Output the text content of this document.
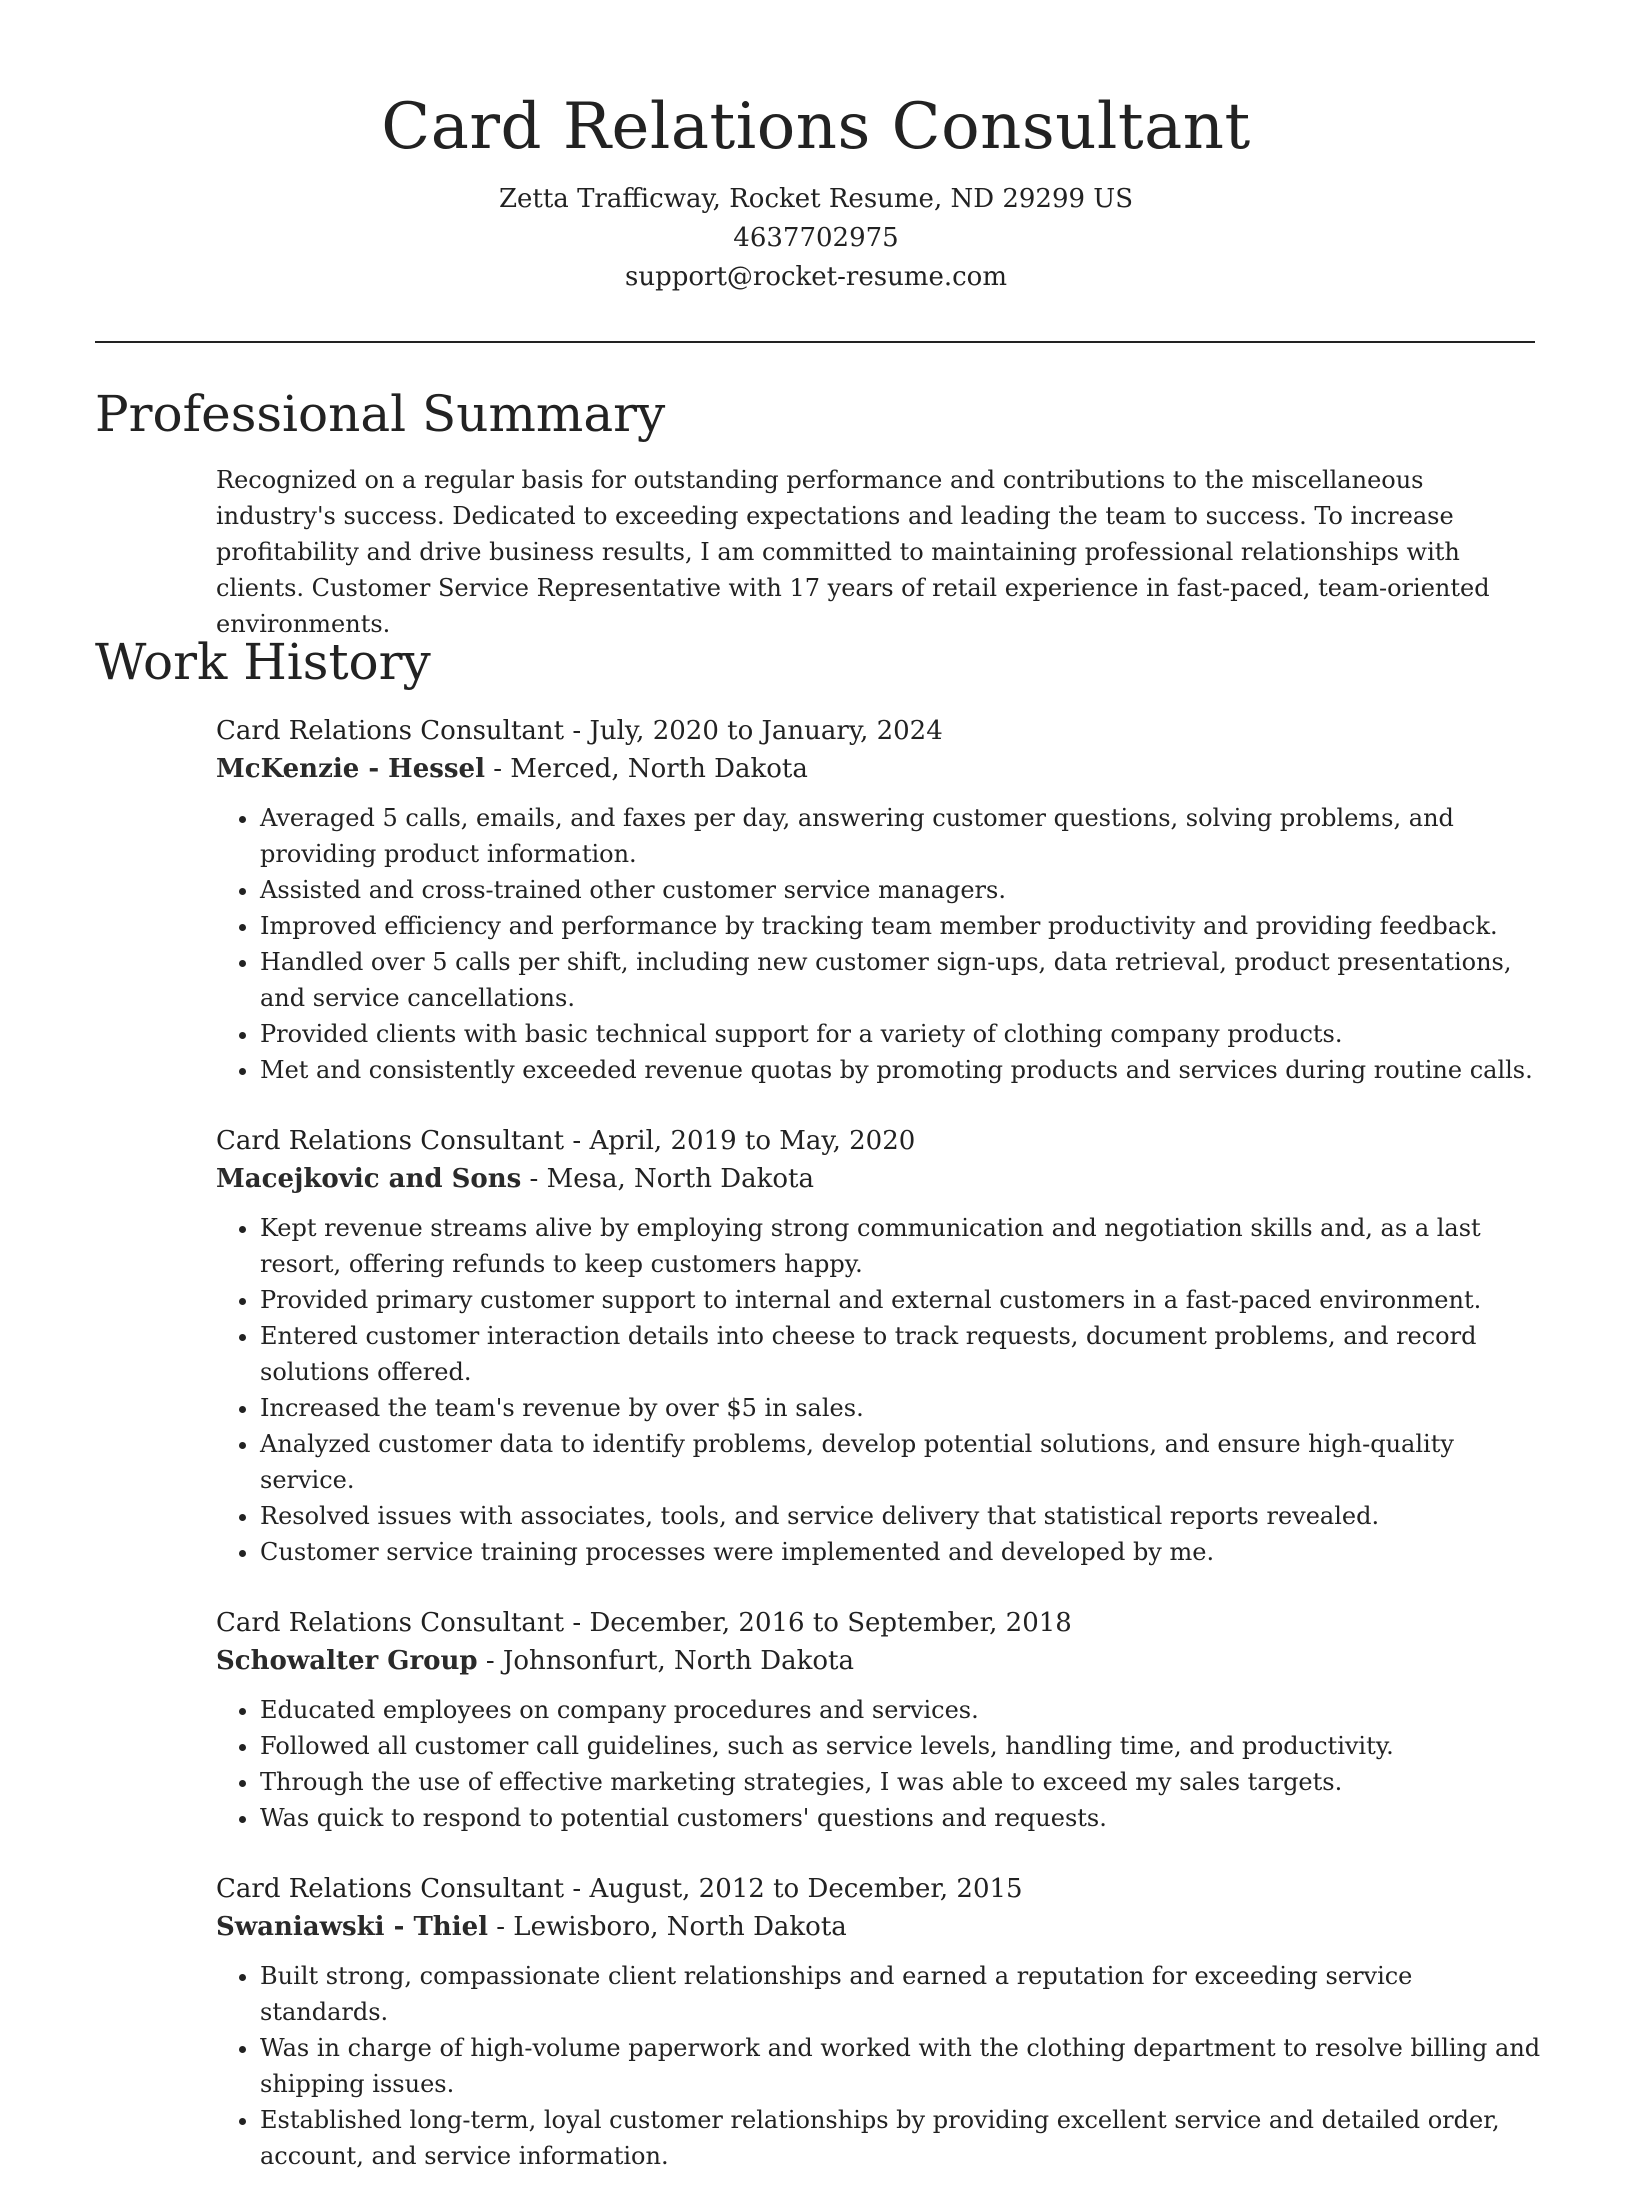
Card Relations Consultant
Zetta Trafficway, Rocket Resume, ND 29299 US
4637702975
support@rocket-resume.com
Professional Summary

Recognized on a regular basis for outstanding performance and contributions to the miscellaneous industry's success. Dedicated to exceeding expectations and leading the team to success. To increase profitability and drive business results, I am committed to maintaining professional relationships with clients. Customer Service Representative with 17 years of retail experience in fast-paced, team-oriented environments.

Work History
Card Relations Consultant - July, 2020 to January, 2024
McKenzie - Hessel - Merced, North Dakota
• Averaged 5 calls, emails, and faxes per day, answering customer questions, solving problems, and providing product information.
• Assisted and cross-trained other customer service managers.
• Improved efficiency and performance by tracking team member productivity and providing feedback.
• Handled over 5 calls per shift, including new customer sign-ups, data retrieval, product presentations, and service cancellations.
• Provided clients with basic technical support for a variety of clothing company products.
• Met and consistently exceeded revenue quotas by promoting products and services during routine calls.
Card Relations Consultant - April, 2019 to May, 2020
Macejkovic and Sons - Mesa, North Dakota
• Kept revenue streams alive by employing strong communication and negotiation skills and, as a last resort, offering refunds to keep customers happy.
• Provided primary customer support to internal and external customers in a fast-paced environment.
• Entered customer interaction details into cheese to track requests, document problems, and record solutions offered.
• Increased the team's revenue by over $5 in sales.
• Analyzed customer data to identify problems, develop potential solutions, and ensure high-quality service.
• Resolved issues with associates, tools, and service delivery that statistical reports revealed.
• Customer service training processes were implemented and developed by me.
Card Relations Consultant - December, 2016 to September, 2018
Schowalter Group - Johnsonfurt, North Dakota
• Educated employees on company procedures and services.
• Followed all customer call guidelines, such as service levels, handling time, and productivity.
• Through the use of effective marketing strategies, I was able to exceed my sales targets.
• Was quick to respond to potential customers' questions and requests.
Card Relations Consultant - August, 2012 to December, 2015
Swaniawski - Thiel - Lewisboro, North Dakota
• Built strong, compassionate client relationships and earned a reputation for exceeding service standards.
• Was in charge of high-volume paperwork and worked with the clothing department to resolve billing and shipping issues.
• Established long-term, loyal customer relationships by providing excellent service and detailed order, account, and service information.
